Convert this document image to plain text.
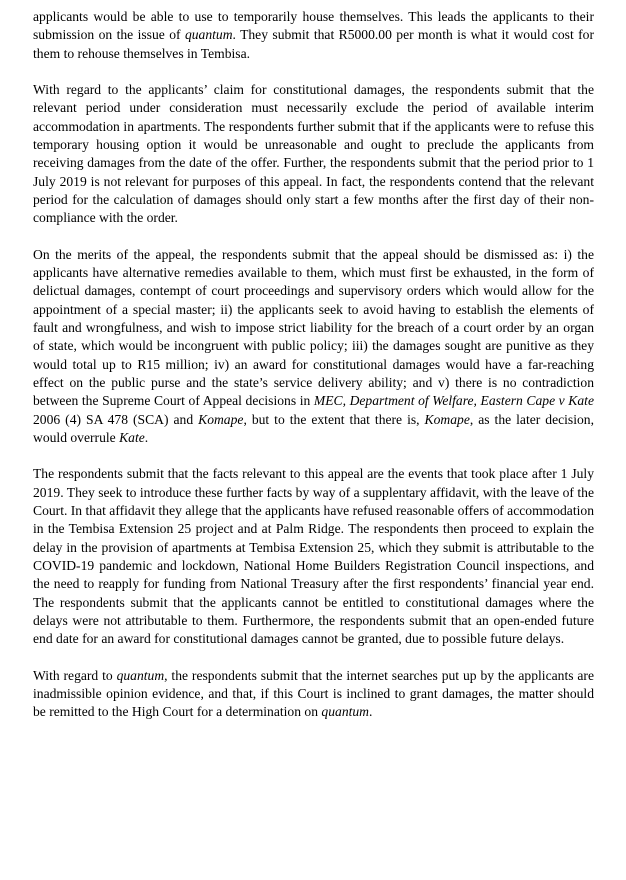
applicants would be able to use to temporarily house themselves. This leads the applicants to their submission on the issue of quantum. They submit that R5000.00 per month is what it would cost for them to rehouse themselves in Tembisa.

With regard to the applicants’ claim for constitutional damages, the respondents submit that the relevant period under consideration must necessarily exclude the period of available interim accommodation in apartments. The respondents further submit that if the applicants were to refuse this temporary housing option it would be unreasonable and ought to preclude the applicants from receiving damages from the date of the offer. Further, the respondents submit that the period prior to 1 July 2019 is not relevant for purposes of this appeal. In fact, the respondents contend that the relevant period for the calculation of damages should only start a few months after the first day of their non-compliance with the order.

On the merits of the appeal, the respondents submit that the appeal should be dismissed as: i) the applicants have alternative remedies available to them, which must first be exhausted, in the form of delictual damages, contempt of court proceedings and supervisory orders which would allow for the appointment of a special master; ii) the applicants seek to avoid having to establish the elements of fault and wrongfulness, and wish to impose strict liability for the breach of a court order by an organ of state, which would be incongruent with public policy; iii) the damages sought are punitive as they would total up to R15 million; iv) an award for constitutional damages would have a far-reaching effect on the public purse and the state’s service delivery ability; and v) there is no contradiction between the Supreme Court of Appeal decisions in MEC, Department of Welfare, Eastern Cape v Kate 2006 (4) SA 478 (SCA) and Komape, but to the extent that there is, Komape, as the later decision, would overrule Kate.

The respondents submit that the facts relevant to this appeal are the events that took place after 1 July 2019. They seek to introduce these further facts by way of a supplentary affidavit, with the leave of the Court. In that affidavit they allege that the applicants have refused reasonable offers of accommodation in the Tembisa Extension 25 project and at Palm Ridge. The respondents then proceed to explain the delay in the provision of apartments at Tembisa Extension 25, which they submit is attributable to the COVID-19 pandemic and lockdown, National Home Builders Registration Council inspections, and the need to reapply for funding from National Treasury after the first respondents’ financial year end. The respondents submit that the applicants cannot be entitled to constitutional damages where the delays were not attributable to them. Furthermore, the respondents submit that an open-ended future end date for an award for constitutional damages cannot be granted, due to possible future delays.

With regard to quantum, the respondents submit that the internet searches put up by the applicants are inadmissible opinion evidence, and that, if this Court is inclined to grant damages, the matter should be remitted to the High Court for a determination on quantum.
